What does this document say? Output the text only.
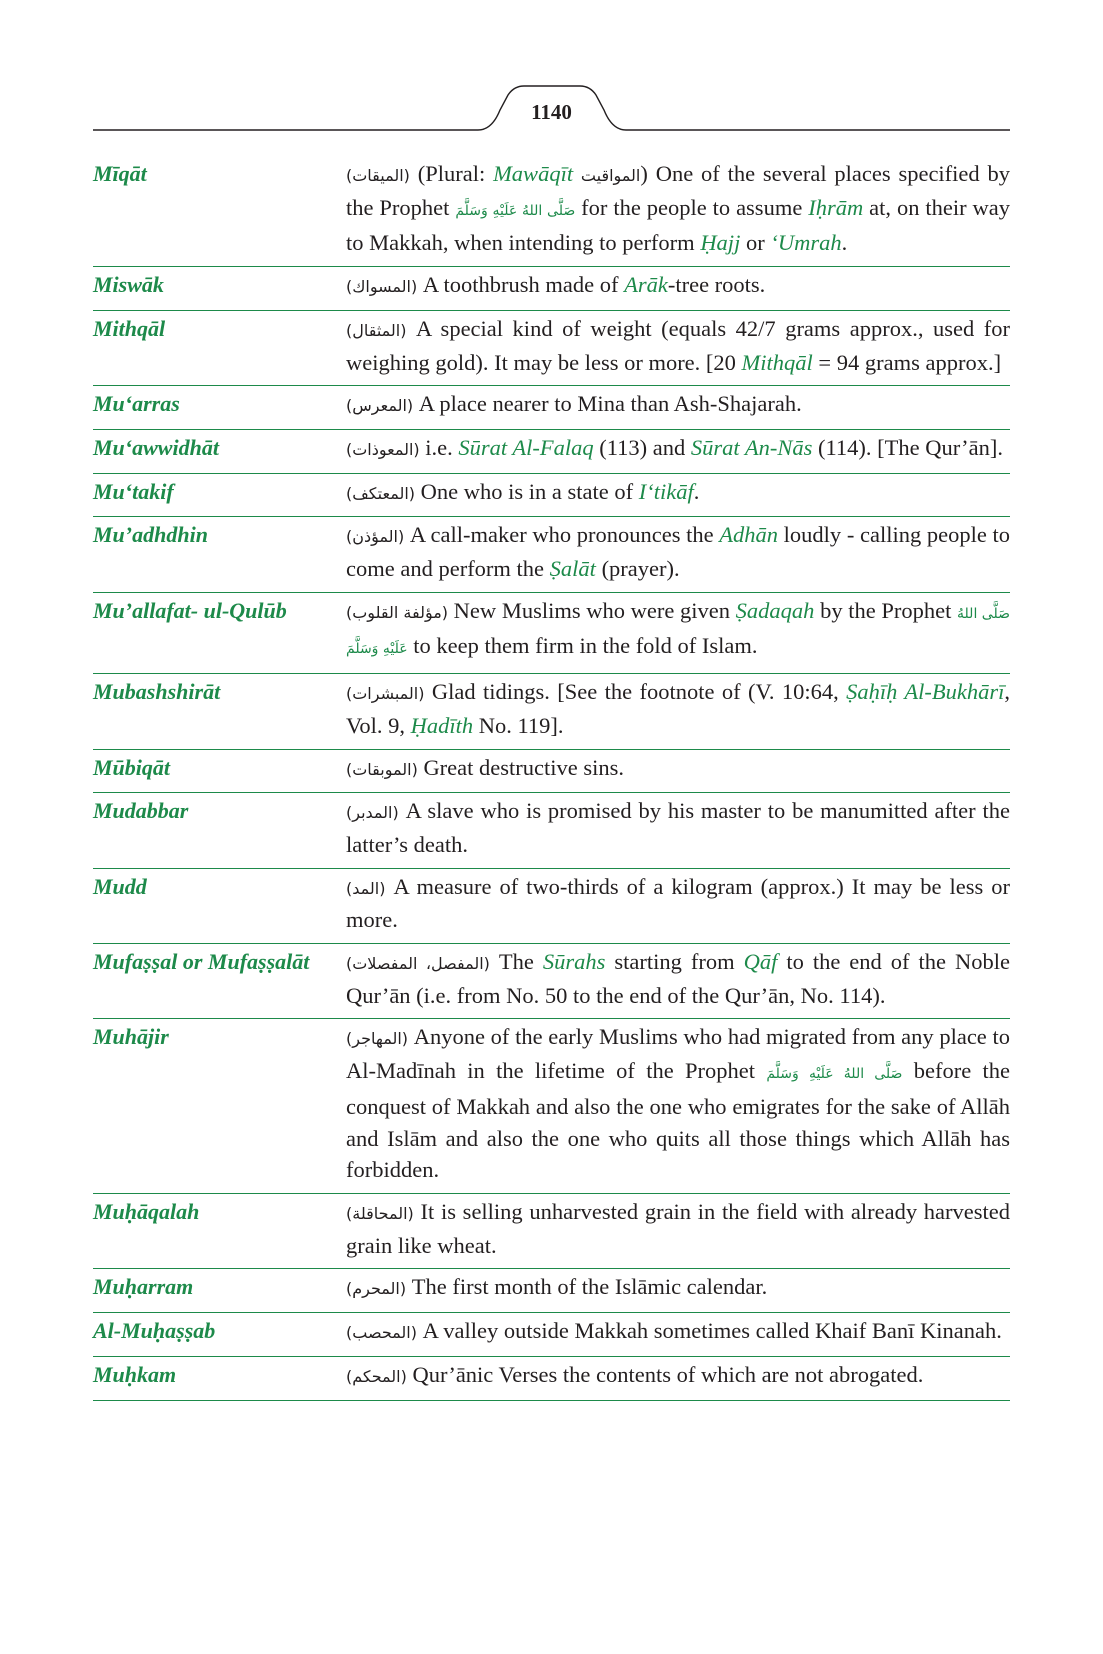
1140
Mīqāt	(الميقات) (Plural: Mawāqīt المواقيت) One of the several places specified by the Prophet صَلَّى اللهُ عَلَيْهِ وَسَلَّمَ for the people to assume Iḥrām at, on their way to Makkah, when intending to perform Ḥajj or ‘Umrah.
Miswāk	(المسواك) A toothbrush made of Arāk-tree roots.
Mithqāl	(المثقال) A special kind of weight (equals 42/7 grams approx., used for weighing gold). It may be less or more. [20 Mithqāl = 94 grams approx.]
Mu‘arras	(المعرس) A place nearer to Mina than Ash-Shajarah.
Mu‘awwidhāt	(المعوذات) i.e. Sūrat Al-Falaq (113) and Sūrat An-Nās (114). [The Qur’ān].
Mu‘takif	(المعتكف) One who is in a state of I‘tikāf.
Mu’adhdhin	(المؤذن) A call-maker who pronounces the Adhān loudly - calling people to come and perform the Ṣalāt (prayer).
Mu’allafat- ul-Qulūb	(مؤلفة القلوب) New Muslims who were given Ṣadaqah by the Prophet صَلَّى اللهُ عَلَيْهِ وَسَلَّمَ to keep them firm in the fold of Islam.
Mubashshirāt	(المبشرات) Glad tidings. [See the footnote of (V. 10:64, Ṣaḥīḥ Al-Bukhārī, Vol. 9, Ḥadīth No. 119].
Mūbiqāt	(الموبقات) Great destructive sins.
Mudabbar	(المدبر) A slave who is promised by his master to be manumitted after the latter’s death.
Mudd	(المد) A measure of two-thirds of a kilogram (approx.) It may be less or more.
Mufaṣṣal or Mufaṣṣalāt	(المفصل، المفصلات) The Sūrahs starting from Qāf to the end of the Noble Qur’ān (i.e. from No. 50 to the end of the Qur’ān, No. 114).
Muhājir	(المهاجر) Anyone of the early Muslims who had migrated from any place to Al-Madīnah in the lifetime of the Prophet صَلَّى اللهُ عَلَيْهِ وَسَلَّمَ before the conquest of Makkah and also the one who emigrates for the sake of Allāh and Islām and also the one who quits all those things which Allāh has forbidden.
Muḥāqalah	(المحاقلة) It is selling unharvested grain in the field with already harvested grain like wheat.
Muḥarram	(المحرم) The first month of the Islāmic calendar.
Al-Muḥaṣṣab	(المحصب) A valley outside Makkah sometimes called Khaif Banī Kinanah.
Muḥkam	(المحكم) Qur’ānic Verses the contents of which are not abrogated.
